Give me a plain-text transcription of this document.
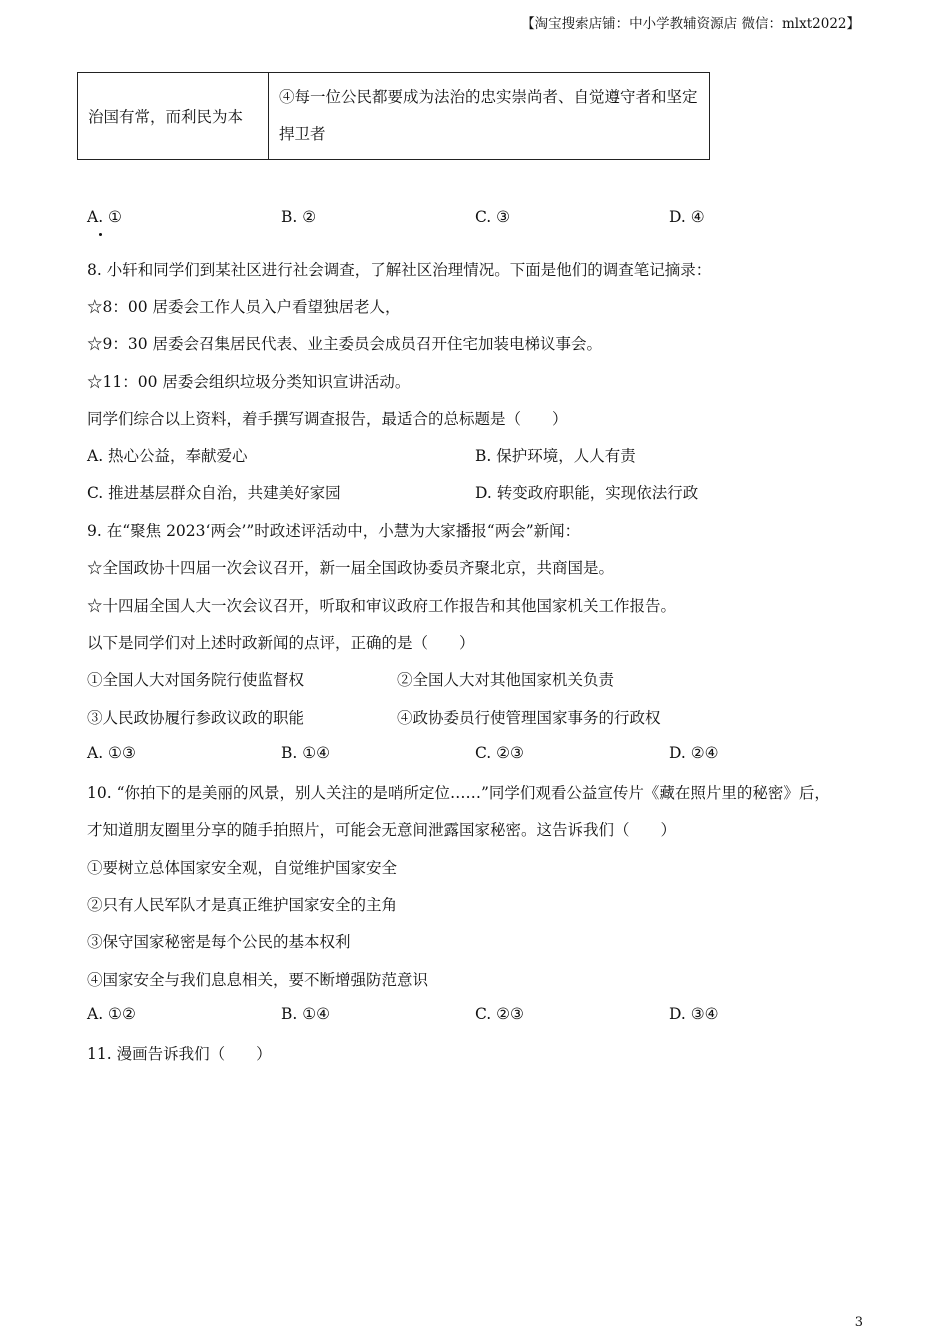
【淘宝搜索店铺：中小学教辅资源店 微信：mlxt2022】
治国有常，而利民为本	④每一位公民都要成为法治的忠实崇尚者、自觉遵守者和坚定捍卫者
A. ①	B. ②	C. ③	D. ④
8. 小轩和同学们到某社区进行社会调查，了解社区治理情况。下面是他们的调查笔记摘录：
☆8：00 居委会工作人员入户看望独居老人，
☆9：30 居委会召集居民代表、业主委员会成员召开住宅加装电梯议事会。
☆11：00 居委会组织垃圾分类知识宣讲活动。
同学们综合以上资料，着手撰写调查报告，最适合的总标题是（　　）
A. 热心公益，奉献爱心	B. 保护环境，人人有责
C. 推进基层群众自治，共建美好家园	D. 转变政府职能，实现依法行政
9. 在“聚焦 2023‘两会’”时政述评活动中，小慧为大家播报“两会”新闻：
☆全国政协十四届一次会议召开，新一届全国政协委员齐聚北京，共商国是。
☆十四届全国人大一次会议召开，听取和审议政府工作报告和其他国家机关工作报告。
以下是同学们对上述时政新闻的点评，正确的是（　　）
①全国人大对国务院行使监督权	②全国人大对其他国家机关负责
③人民政协履行参政议政的职能	④政协委员行使管理国家事务的行政权
A. ①③	B. ①④	C. ②③	D. ②④
10. “你拍下的是美丽的风景，别人关注的是哨所定位……”同学们观看公益宣传片《藏在照片里的秘密》后，
才知道朋友圈里分享的随手拍照片，可能会无意间泄露国家秘密。这告诉我们（　　）
①要树立总体国家安全观，自觉维护国家安全
②只有人民军队才是真正维护国家安全的主角
③保守国家秘密是每个公民的基本权利
④国家安全与我们息息相关，要不断增强防范意识
A. ①②	B. ①④	C. ②③	D. ③④
11. 漫画告诉我们（　　）
3
